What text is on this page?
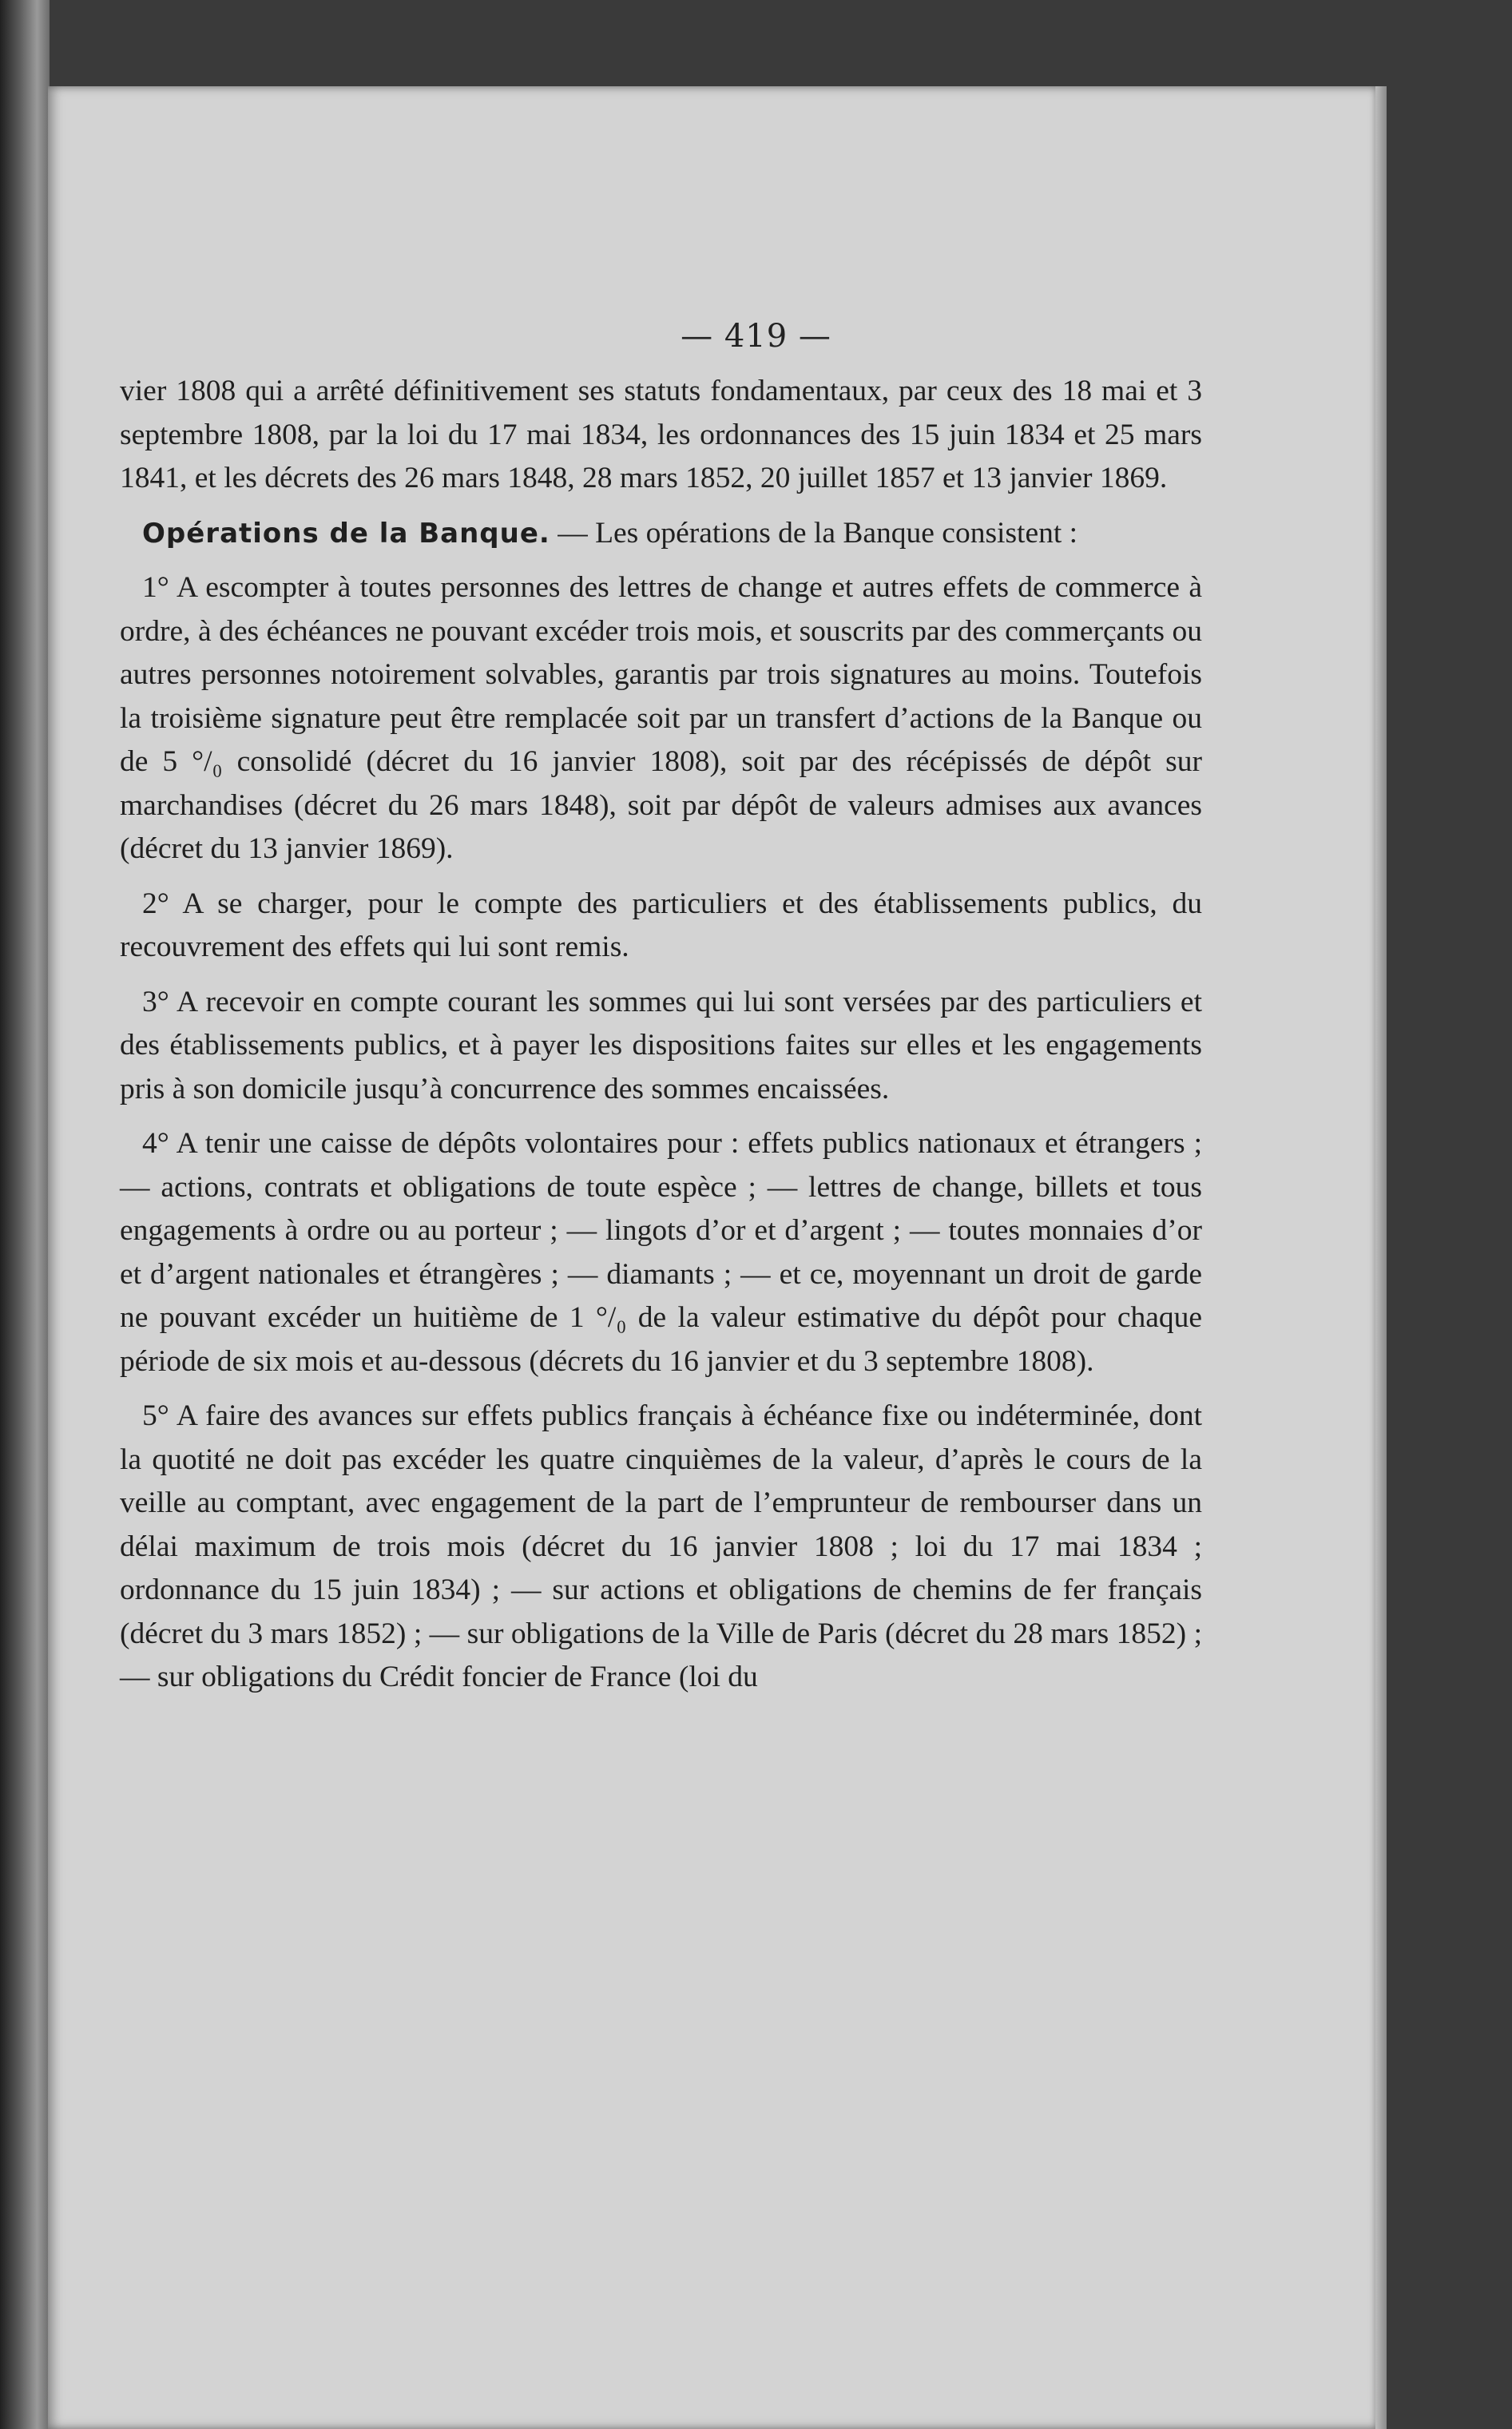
— 419 —

vier 1808 qui a arrêté définitivement ses statuts fondamentaux, par ceux des 18 mai et 3 septembre 1808, par la loi du 17 mai 1834, les ordonnances des 15 juin 1834 et 25 mars 1841, et les décrets des 26 mars 1848, 28 mars 1852, 20 juillet 1857 et 13 janvier 1869.

Opérations de la Banque. — Les opérations de la Banque consistent :

1° A escompter à toutes personnes des lettres de change et autres effets de commerce à ordre, à des échéances ne pouvant excéder trois mois, et souscrits par des commerçants ou autres personnes notoirement solvables, garantis par trois signatures au moins. Toutefois la troisième signature peut être remplacée soit par un transfert d’actions de la Banque ou de 5 °/₀ consolidé (décret du 16 janvier 1808), soit par des récépissés de dépôt sur marchandises (décret du 26 mars 1848), soit par dépôt de valeurs admises aux avances (décret du 13 janvier 1869).

2° A se charger, pour le compte des particuliers et des établissements publics, du recouvrement des effets qui lui sont remis.

3° A recevoir en compte courant les sommes qui lui sont versées par des particuliers et des établissements publics, et à payer les dispositions faites sur elles et les engagements pris à son domicile jusqu’à concurrence des sommes encaissées.

4° A tenir une caisse de dépôts volontaires pour : effets publics nationaux et étrangers ; — actions, contrats et obligations de toute espèce ; — lettres de change, billets et tous engagements à ordre ou au porteur ; — lingots d’or et d’argent ; — toutes monnaies d’or et d’argent nationales et étrangères ; — diamants ; — et ce, moyennant un droit de garde ne pouvant excéder un huitième de 1 °/₀ de la valeur estimative du dépôt pour chaque période de six mois et au-dessous (décrets du 16 janvier et du 3 septembre 1808).

5° A faire des avances sur effets publics français à échéance fixe ou indéterminée, dont la quotité ne doit pas excéder les quatre cinquièmes de la valeur, d’après le cours de la veille au comptant, avec engagement de la part de l’emprunteur de rembourser dans un délai maximum de trois mois (décret du 16 janvier 1808 ; loi du 17 mai 1834 ; ordonnance du 15 juin 1834) ; — sur actions et obligations de chemins de fer français (décret du 3 mars 1852) ; — sur obligations de la Ville de Paris (décret du 28 mars 1852) ; — sur obligations du Crédit foncier de France (loi du
